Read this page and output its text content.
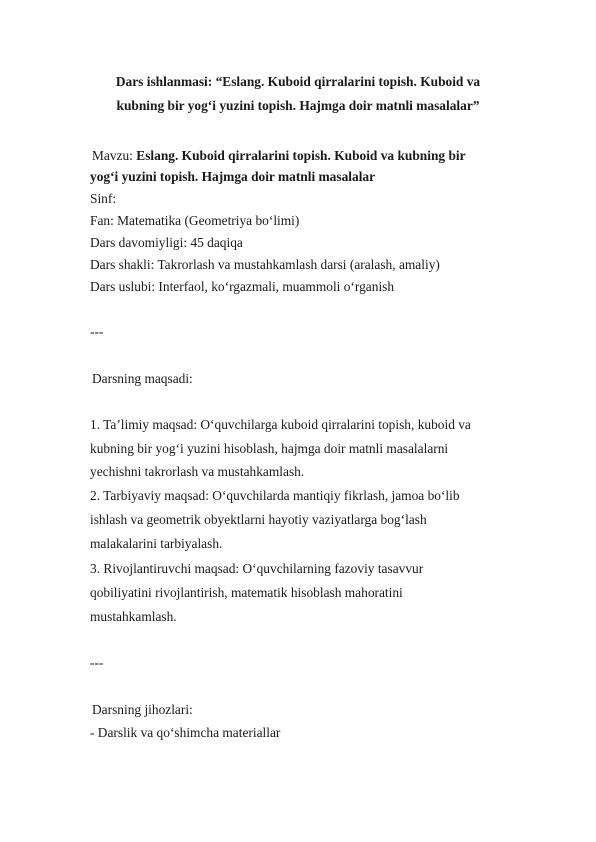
Dars ishlanmasi: “Eslang. Kuboid qirralarini topish. Kuboid va
kubning bir yog‘i yuzini topish. Hajmga doir matnli masalalar”
Mavzu: Eslang. Kuboid qirralarini topish. Kuboid va kubning bir
yog‘i yuzini topish. Hajmga doir matnli masalalar
Sinf:
Fan: Matematika (Geometriya bo‘limi)
Dars davomiyligi: 45 daqiqa
Dars shakli: Takrorlash va mustahkamlash darsi (aralash, amaliy)
Dars uslubi: Interfaol, ko‘rgazmali, muammoli o‘rganish
---
Darsning maqsadi:
1. Ta’limiy maqsad: O‘quvchilarga kuboid qirralarini topish, kuboid va
kubning bir yog‘i yuzini hisoblash, hajmga doir matnli masalalarni
yechishni takrorlash va mustahkamlash.
2. Tarbiyaviy maqsad: O‘quvchilarda mantiqiy fikrlash, jamoa bo‘lib
ishlash va geometrik obyektlarni hayotiy vaziyatlarga bog‘lash
malakalarini tarbiyalash.
3. Rivojlantiruvchi maqsad: O‘quvchilarning fazoviy tasavvur
qobiliyatini rivojlantirish, matematik hisoblash mahoratini
mustahkamlash.
---
Darsning jihozlari:
- Darslik va qo‘shimcha materiallar
